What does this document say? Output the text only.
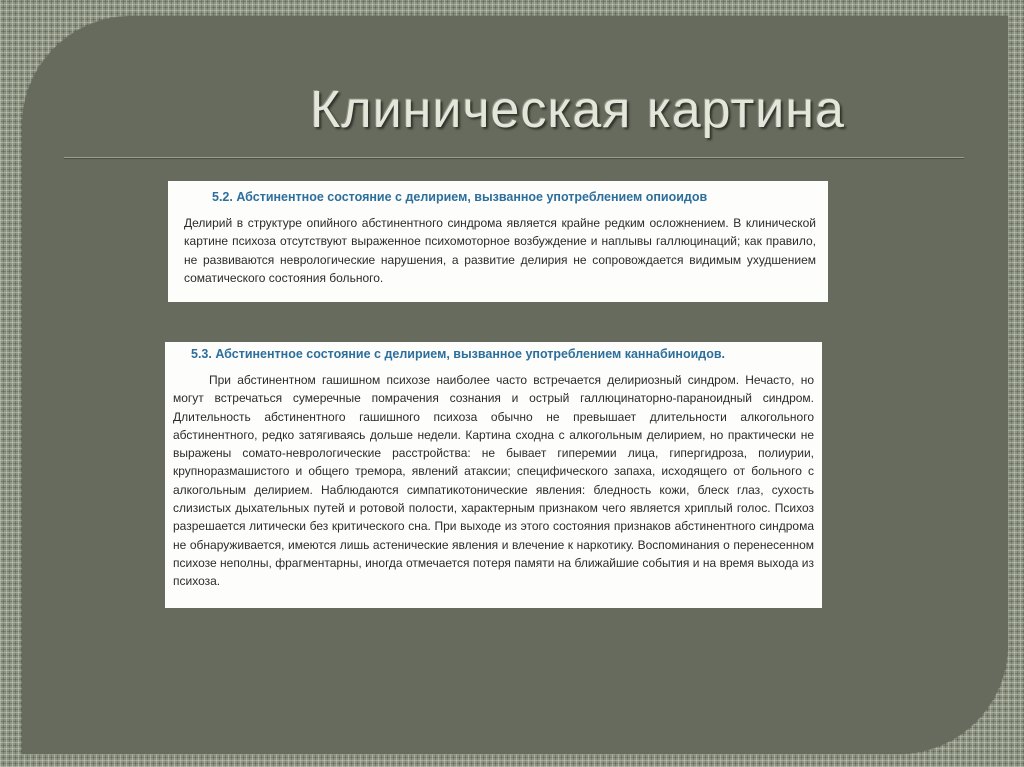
Клиническая картина

5.2. Абстинентное состояние с делирием, вызванное употреблением опиоидов

Делирий в структуре опийного абстинентного синдрома является крайне редким осложнением. В клинической картине психоза отсутствуют выраженное психомоторное возбуждение и наплывы галлюцинаций; как правило, не развиваются неврологические нарушения, а развитие делирия не сопровождается видимым ухудшением соматического состояния больного.

5.3. Абстинентное состояние с делирием, вызванное употреблением каннабиноидов.

При абстинентном гашишном психозе наиболее часто встречается делириозный синдром. Нечасто, но могут встречаться сумеречные помрачения сознания и острый галлюцинаторно-параноидный синдром. Длительность абстинентного гашишного психоза обычно не превышает длительности алкогольного абстинентного, редко затягиваясь дольше недели. Картина сходна с алкогольным делирием, но практически не выражены сомато-неврологические расстройства: не бывает гиперемии лица, гипергидроза, полиурии, крупноразмашистого и общего тремора, явлений атаксии; специфического запаха, исходящего от больного с алкогольным делирием. Наблюдаются симпатикотонические явления: бледность кожи, блеск глаз, сухость слизистых дыхательных путей и ротовой полости, характерным признаком чего является хриплый голос. Психоз разрешается литически без критического сна. При выходе из этого состояния признаков абстинентного синдрома не обнаруживается, имеются лишь астенические явления и влечение к наркотику. Воспоминания о перенесенном психозе неполны, фрагментарны, иногда отмечается потеря памяти на ближайшие события и на время выхода из психоза.
